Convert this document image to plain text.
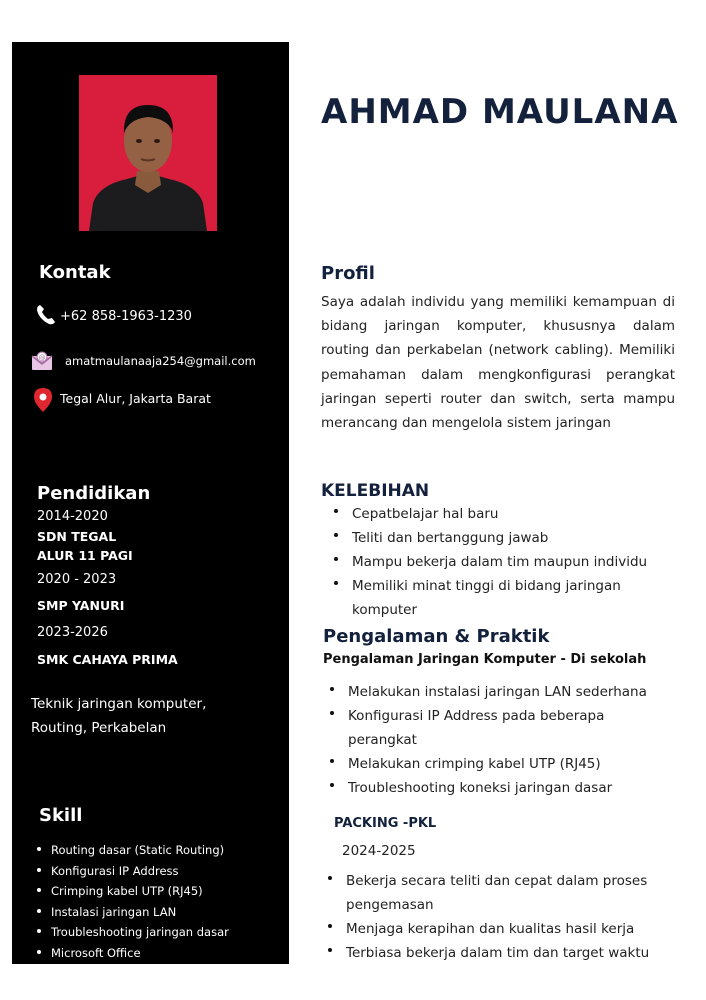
Kontak
+62 858-1963-1230
@ amatmaulanaaja254@gmail.com
Tegal Alur, Jakarta Barat
Pendidikan
2014-2020
SDN TEGAL
ALUR 11 PAGI
2020 - 2023
SMP YANURI
2023-2026
SMK CAHAYA PRIMA
Teknik jaringan komputer,
Routing, Perkabelan
Skill
Routing dasar (Static Routing)
Konfigurasi IP Address
Crimping kabel UTP (RJ45)
Instalasi jaringan LAN
Troubleshooting jaringan dasar
Microsoft Office
AHMAD MAULANA
Profil
Saya adalah individu yang memiliki kemampuan di bidang jaringan komputer, khususnya dalam routing dan perkabelan (network cabling). Memiliki pemahaman dalam mengkonfigurasi perangkat jaringan seperti router dan switch, serta mampu merancang dan mengelola sistem jaringan
KELEBIHAN
Cepatbelajar hal baru
Teliti dan bertanggung jawab
Mampu bekerja dalam tim maupun individu
Memiliki minat tinggi di bidang jaringan komputer
Pengalaman & Praktik
Pengalaman Jaringan Komputer - Di sekolah
Melakukan instalasi jaringan LAN sederhana
Konfigurasi IP Address pada beberapa perangkat
Melakukan crimping kabel UTP (RJ45)
Troubleshooting koneksi jaringan dasar
PACKING -PKL
2024-2025
Bekerja secara teliti dan cepat dalam proses pengemasan
Menjaga kerapihan dan kualitas hasil kerja
Terbiasa bekerja dalam tim dan target waktu
